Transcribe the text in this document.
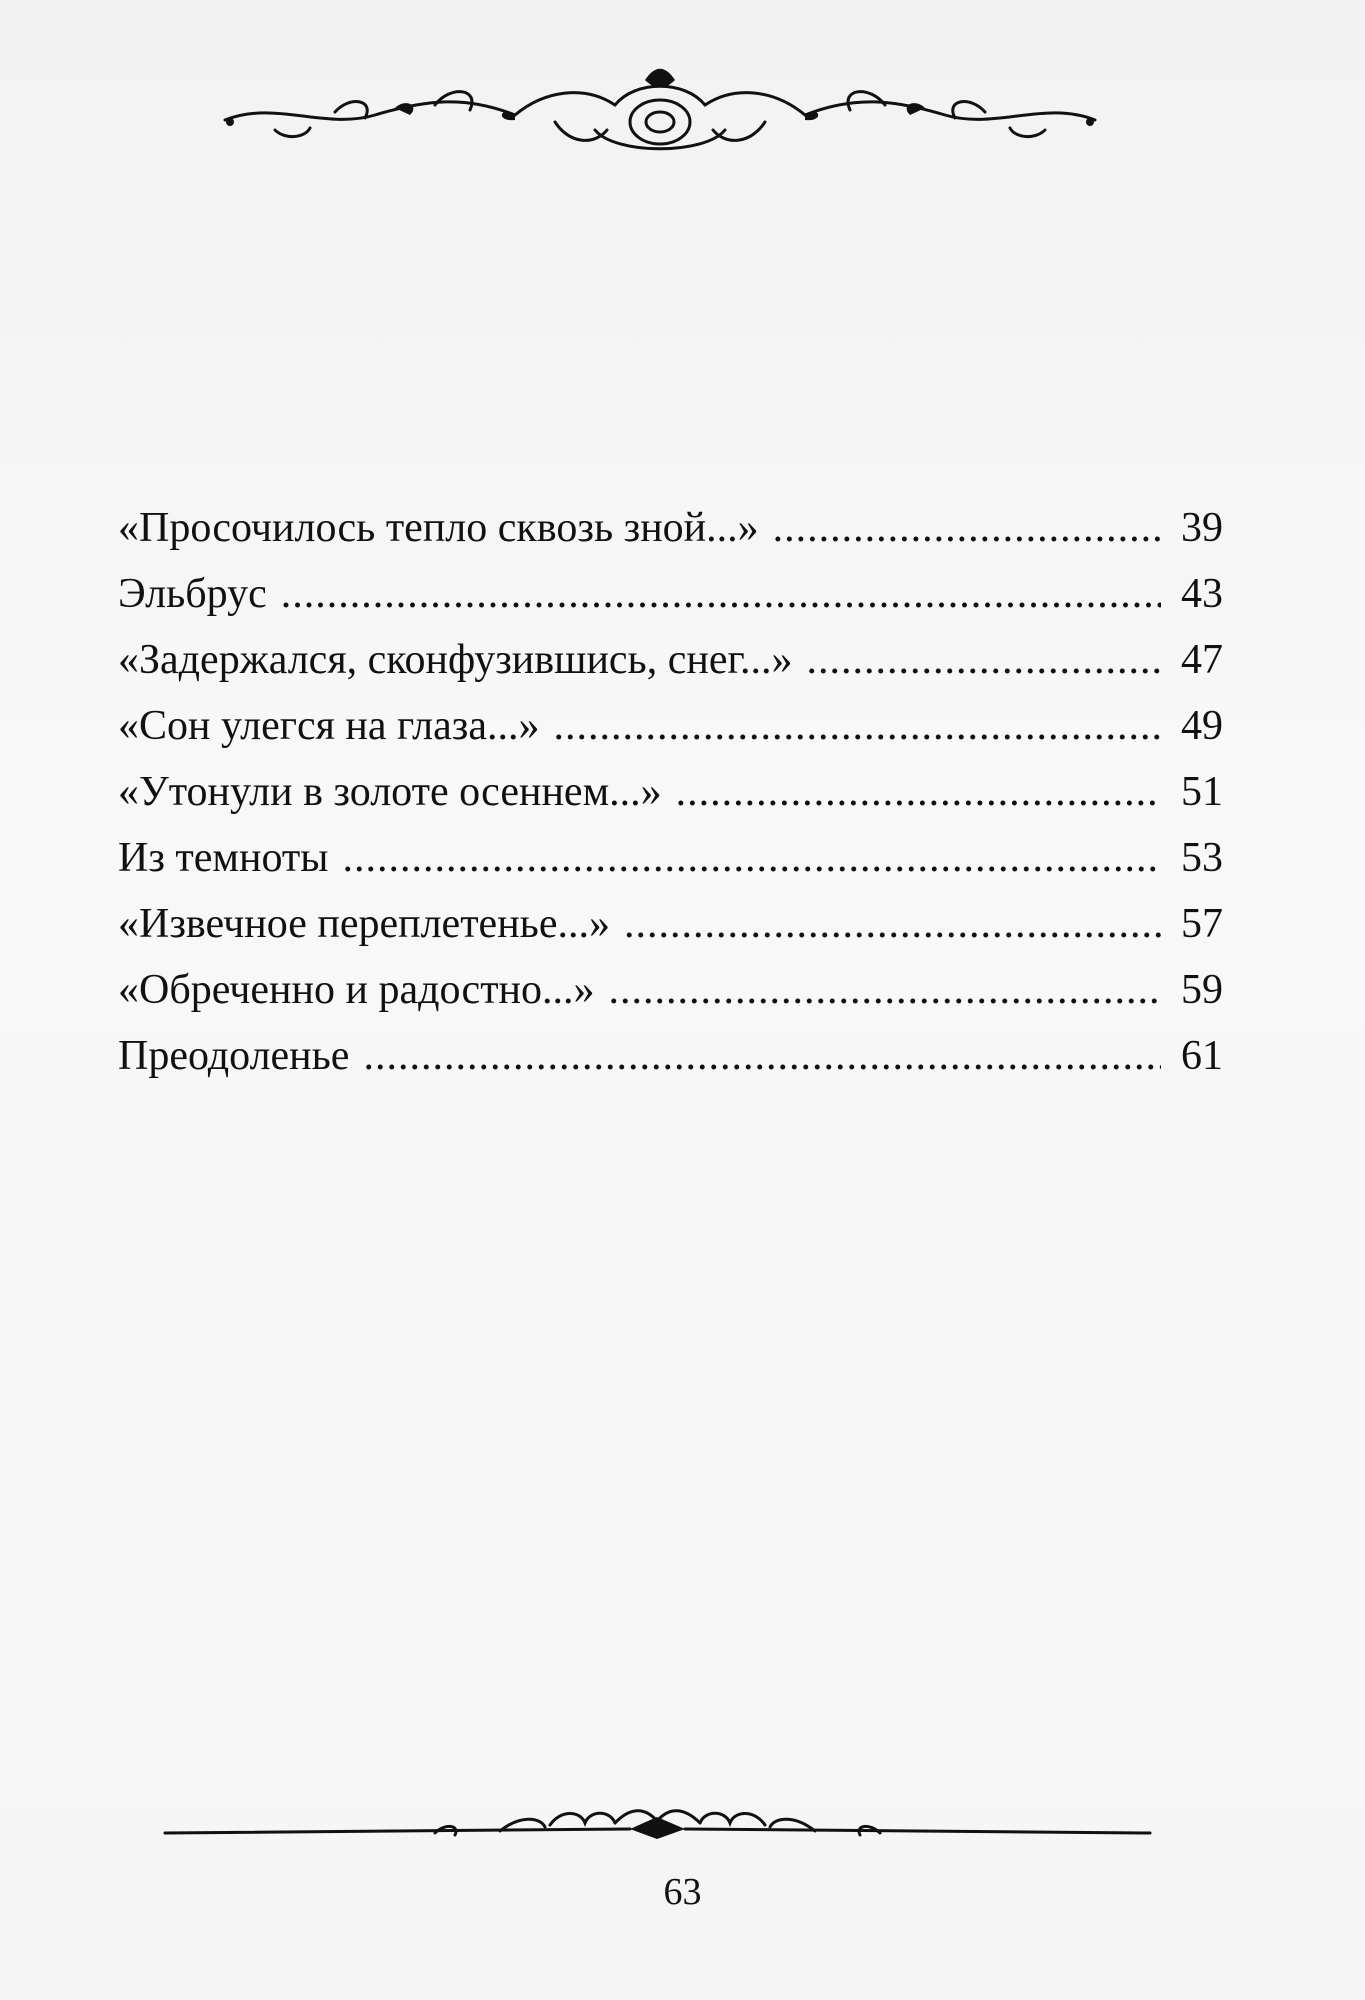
«Просочилось тепло сквозь зной...» .....	39
Эльбрус .....	43
«Задержался, сконфузившись, снег...» .....	47
«Сон улегся на глаза...» .....	49
«Утонули в золоте осеннем...» .....	51
Из темноты .....	53
«Извечное переплетенье...» .....	57
«Обреченно и радостно...» .....	59
Преодоленье .....	61
63
